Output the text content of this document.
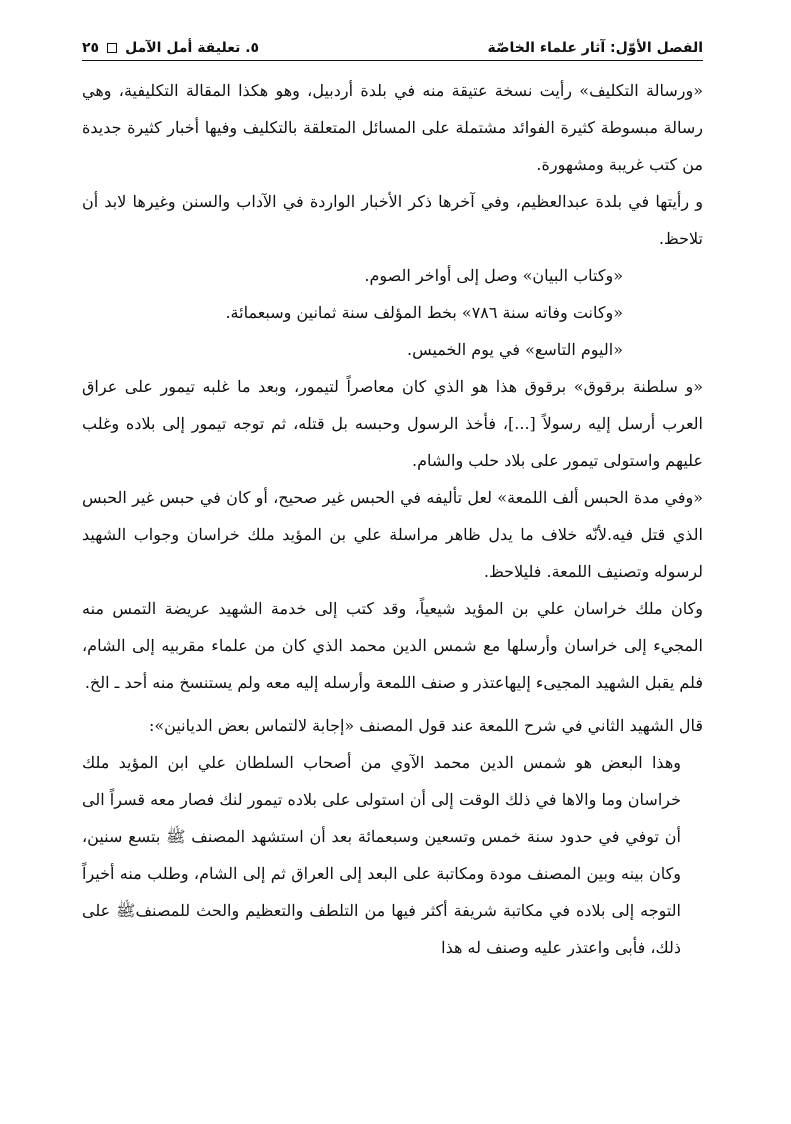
الفصل الأوّل: آثار علماء الخاصّة
٥. تعليقة أمل الآمل
٢٥

«ورسالة التكليف» رأيت نسخة عتيقة منه في بلدة أردبيل، وهو هكذا المقالة التكليفية، وهي رسالة مبسوطة كثيرة الفوائد مشتملة على المسائل المتعلقة بالتكليف وفيها أخبار كثيرة جديدة من كتب غريبة ومشهورة.

و رأيتها في بلدة عبدالعظيم، وفي آخرها ذكر الأخبار الواردة في الآداب والسنن وغيرها لابد أن تلاحظ.

«وكتاب البيان» وصل إلى أواخر الصوم.

«وكانت وفاته سنة ٧٨٦» بخط المؤلف سنة ثمانين وسبعمائة.

«اليوم التاسع» في يوم الخميس.

«و سلطنة برقوق» برقوق هذا هو الذي كان معاصراً لتيمور، وبعد ما غلبه تيمور على عراق العرب أرسل إليه رسولاً [...]، فأخذ الرسول وحبسه بل قتله، ثم توجه تيمور إلى بلاده وغلب عليهم واستولى تيمور على بلاد حلب والشام.

«وفي مدة الحبس ألف اللمعة» لعل تأليفه في الحبس غير صحيح، أو كان في حبس غير الحبس الذي قتل فيه.لأنّه خلاف ما يدل ظاهر مراسلة علي بن المؤيد ملك خراسان وجواب الشهيد لرسوله وتصنيف اللمعة. فليلاحظ.

وكان ملك خراسان علي بن المؤيد شيعياً، وقد كتب إلى خدمة الشهيد عريضة التمس منه المجيء إلى خراسان وأرسلها مع شمس الدين محمد الذي كان من علماء مقربيه إلى الشام، فلم يقبل الشهيد المجيىء إليهاعتذر و صنف اللمعة وأرسله إليه معه ولم يستنسخ منه أحد ـ الخ.

قال الشهيد الثاني في شرح اللمعة عند قول المصنف «إجابة لالتماس بعض الديانين»:

وهذا البعض هو شمس الدين محمد الآوي من أصحاب السلطان علي ابن المؤيد ملك خراسان وما والاها في ذلك الوقت إلى أن استولى على بلاده تيمور لنك فصار معه قسراً الى أن توفي في حدود سنة خمس وتسعين وسبعمائة بعد أن استشهد المصنف ﷺ بتسع سنين، وكان بينه وبين المصنف مودة ومكاتبة على البعد إلى العراق ثم إلى الشام، وطلب منه أخيراً التوجه إلى بلاده في مكاتبة شريفة أكثر فيها من التلطف والتعظيم والحث للمصنفﷺ على ذلك، فأبى واعتذر عليه وصنف له هذا
